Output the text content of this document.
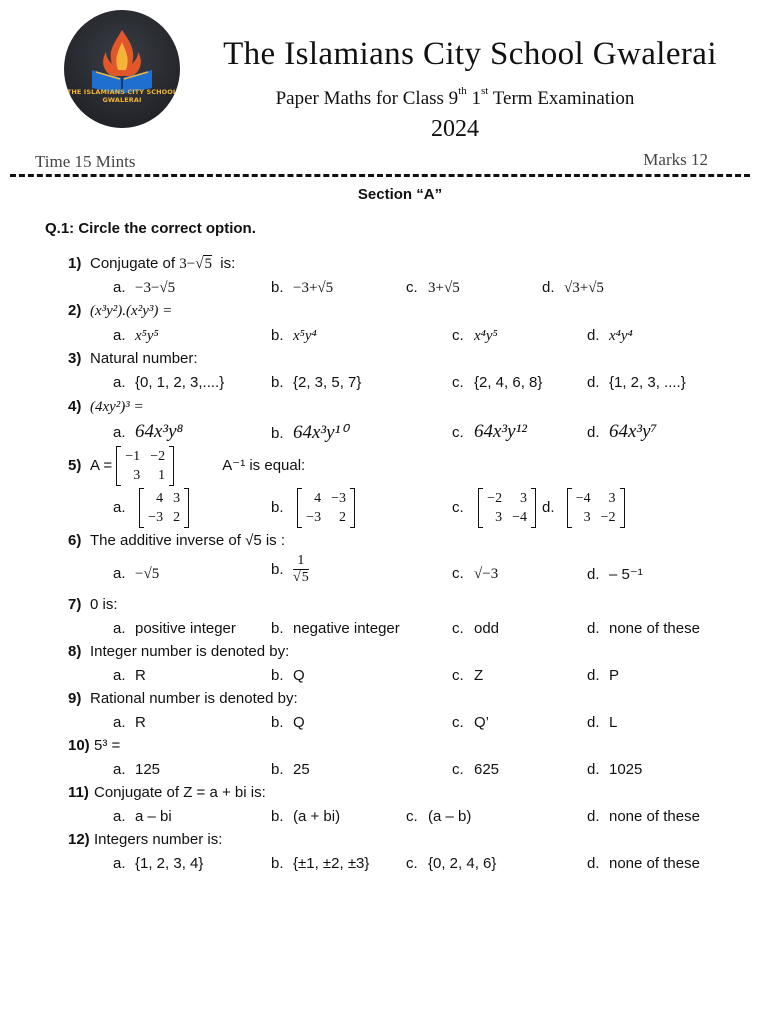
THE ISLAMIANS CITY SCHOOL
GWALERAI
The Islamians City School Gwalerai
Paper Maths for Class 9th 1st Term Examination
2024
Time 15 Mints	Marks 12
Section “A”
Q.1: Circle the correct option.
1) Conjugate of 3−√5  is:
a. −3−√5	b. −3+√5	c. 3+√5	d. √3+√5
2) (x³y²).(x²y³) =
a. x⁵y⁵	b. x⁵y⁴	c. x⁴y⁵	d. x⁴y⁴
3) Natural number:
a. {0, 1, 2, 3,....}	b. {2, 3, 5, 7}	c. {2, 4, 6, 8}	d. {1, 2, 3, ....}
4) (4xy²)³ =
a. 64x³y⁸	b. 64x³y¹⁰	c. 64x³y¹²	d. 64x³y⁷
5) A =
−1	−2
3	1
A⁻¹ is equal:
a.
4	3
−3	2
b.
4	−3
−3	2
c.
−2	3
3	−4
d.
−4	3
3	−2
6) The additive inverse of √5 is :
a. −√5	b. $\frac{1}{√5}$	c. √−3	d. – 5⁻¹
7) 0 is:
a. positive integer b. negative integer	c. odd	d. none of these
8) Integer number is denoted by:
a. R	b. Q	c. Z	d. P
9) Rational number is denoted by:
a. R	b. Q	c. Q’	d. L
10) 5³ =
a. 125	b. 25	c. 625	d. 1025
11) Conjugate of Z = a + bi is:
a. a – bi	b. (a + bi)	c. (a – b)	d. none of these
12) Integers number is:
a. {1, 2, 3, 4}	b. {±1, ±2, ±3} c. {0, 2, 4, 6}	d. none of these
